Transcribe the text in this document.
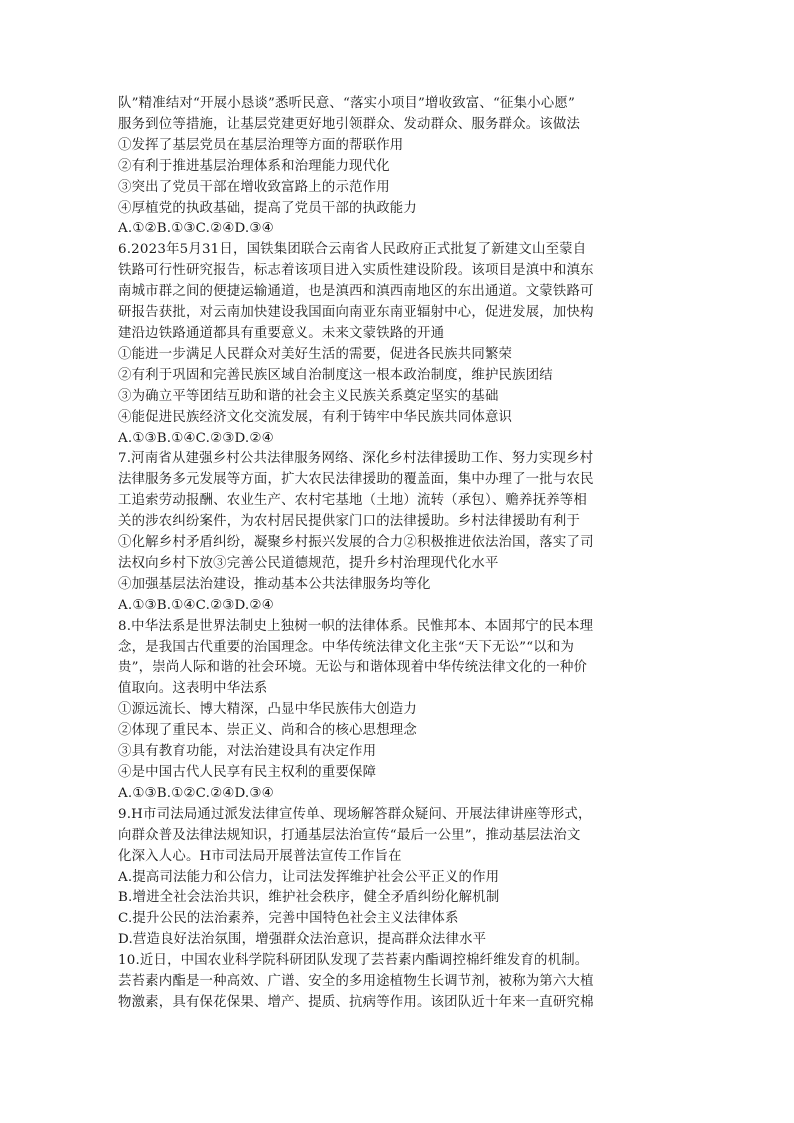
队”精准结对“开展小恳谈”悉听民意、“落实小项目”增收致富、“征集小心愿”
服务到位等措施，让基层党建更好地引领群众、发动群众、服务群众。该做法
①发挥了基层党员在基层治理等方面的帮联作用
②有利于推进基层治理体系和治理能力现代化
③突出了党员干部在增收致富路上的示范作用
④厚植党的执政基础，提高了党员干部的执政能力
A.①②B.①③C.②④D.③④
6.2023年5月31日，国铁集团联合云南省人民政府正式批复了新建文山至蒙自
铁路可行性研究报告，标志着该项目进入实质性建设阶段。该项目是滇中和滇东
南城市群之间的便捷运输通道，也是滇西和滇西南地区的东出通道。文蒙铁路可
研报告获批，对云南加快建设我国面向南亚东南亚辐射中心，促进发展，加快构
建沿边铁路通道都具有重要意义。未来文蒙铁路的开通
①能进一步满足人民群众对美好生活的需要，促进各民族共同繁荣
②有利于巩固和完善民族区域自治制度这一根本政治制度，维护民族团结
③为确立平等团结互助和谐的社会主义民族关系奠定坚实的基础
④能促进民族经济文化交流发展，有利于铸牢中华民族共同体意识
A.①③B.①④C.②③D.②④
7.河南省从建强乡村公共法律服务网络、深化乡村法律援助工作、努力实现乡村
法律服务多元发展等方面，扩大农民法律援助的覆盖面，集中办理了一批与农民
工追索劳动报酬、农业生产、农村宅基地（土地）流转（承包）、赡养抚养等相
关的涉农纠纷案件，为农村居民提供家门口的法律援助。乡村法律援助有利于
①化解乡村矛盾纠纷，凝聚乡村振兴发展的合力②积极推进依法治国，落实了司
法权向乡村下放③完善公民道德规范，提升乡村治理现代化水平
④加强基层法治建设，推动基本公共法律服务均等化
A.①③B.①④C.②③D.②④
8.中华法系是世界法制史上独树一帜的法律体系。民惟邦本、本固邦宁的民本理
念，是我国古代重要的治国理念。中华传统法律文化主张“天下无讼”“以和为
贵”，崇尚人际和谐的社会环境。无讼与和谐体现着中华传统法律文化的一种价
值取向。这表明中华法系
①源远流长、博大精深，凸显中华民族伟大创造力
②体现了重民本、崇正义、尚和合的核心思想理念
③具有教育功能，对法治建设具有决定作用
④是中国古代人民享有民主权利的重要保障
A.①③B.①②C.②④D.③④
9.H市司法局通过派发法律宣传单、现场解答群众疑问、开展法律讲座等形式，
向群众普及法律法规知识，打通基层法治宣传“最后一公里”，推动基层法治文
化深入人心。H市司法局开展普法宣传工作旨在
A.提高司法能力和公信力，让司法发挥维护社会公平正义的作用
B.增进全社会法治共识，维护社会秩序，健全矛盾纠纷化解机制
C.提升公民的法治素养，完善中国特色社会主义法律体系
D.营造良好法治氛围，增强群众法治意识，提高群众法律水平
10.近日，中国农业科学院科研团队发现了芸苔素内酯调控棉纤维发育的机制。
芸苔素内酯是一种高效、广谱、安全的多用途植物生长调节剂，被称为第六大植
物激素，具有保花保果、增产、提质、抗病等作用。该团队近十年来一直研究棉
